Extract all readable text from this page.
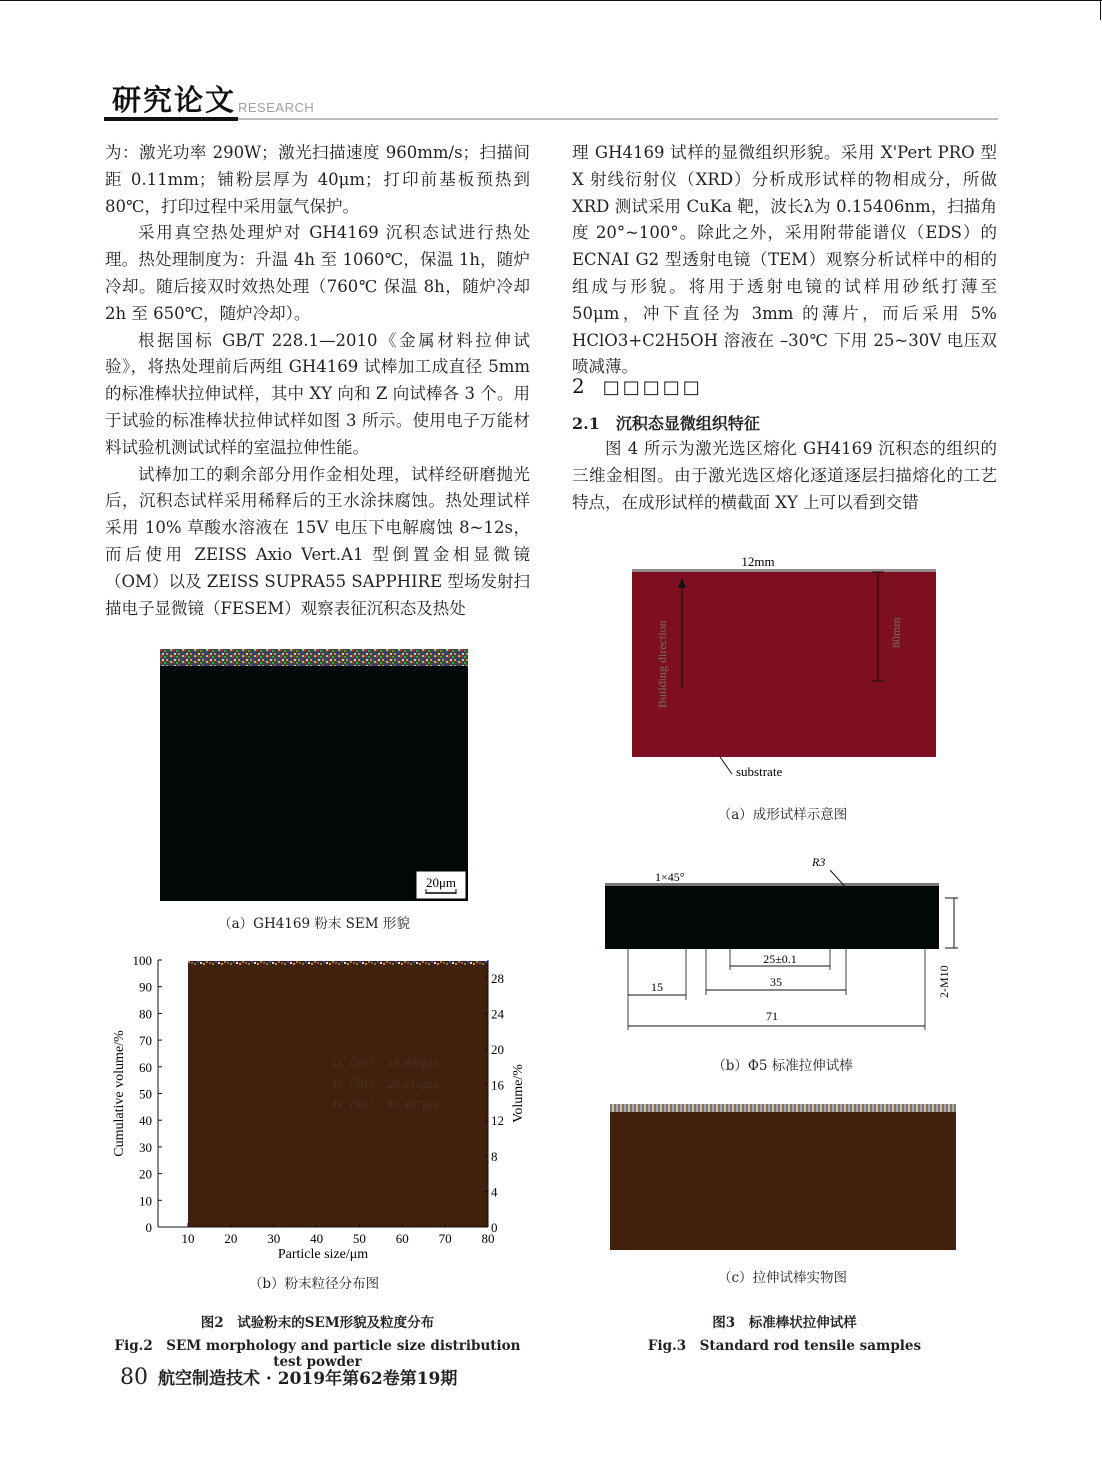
研究论文 RESEARCH

为：激光功率 290W；激光扫描速度 960mm/s；扫描间距 0.11mm；铺粉层厚为 40μm；打印前基板预热到 80℃，打印过程中采用氩气保护。

采用真空热处理炉对 GH4169 沉积态试进行热处理。热处理制度为：升温 4h 至 1060℃，保温 1h，随炉冷却。随后接双时效热处理（760℃ 保温 8h，随炉冷却 2h 至 650℃，随炉冷却）。

根据国标 GB/T 228.1—2010《金属材料拉伸试验》，将热处理前后两组 GH4169 试棒加工成直径 5mm 的标准棒状拉伸试样，其中 XY 向和 Z 向试棒各 3 个。用于试验的标准棒状拉伸试样如图 3 所示。使用电子万能材料试验机测试试样的室温拉伸性能。

试棒加工的剩余部分用作金相处理，试样经研磨抛光后，沉积态试样采用稀释后的王水涂抹腐蚀。热处理试样采用 10% 草酸水溶液在 15V 电压下电解腐蚀 8~12s，而后使用 ZEISS Axio Vert.A1 型倒置金相显微镜（OM）以及 ZEISS SUPRA55 SAPPHIRE 型场发射扫描电子显微镜（FESEM）观察表征沉积态及热处

理 GH4169 试样的显微组织形貌。采用 X'Pert PRO 型 X 射线衍射仪（XRD）分析成形试样的物相成分，所做 XRD 测试采用 CuKa 靶，波长λ为 0.15406nm，扫描角度 20°~100°。除此之外，采用附带能谱仪（EDS）的 ECNAI G2 型透射电镜（TEM）观察分析试样中的相的组成与形貌。将用于透射电镜的试样用砂纸打薄至 50μm，冲下直径为 3mm 的薄片，而后采用 5% HClO3+C2H5OH 溶液在 –30℃ 下用 25~30V 电压双喷减薄。

2 □□□□□
2.1　沉积态显微组织特征

图 4 所示为激光选区熔化 GH4169 沉积态的组织的三维金相图。由于激光选区熔化逐道逐层扫描熔化的工艺特点，在成形试样的横截面 XY 上可以看到交错

20μm
（a）GH4169 粉末 SEM 形貌
0
10
20
30
40
50
60
70
80
90
100
0
4
8
12
16
20
24
28
10 20 30 40 50 60 70 80
D（10）：18.806μm
D（50）：28.513μm
D（90）：43.407μm
Particle size/μm
Cumulative volume/%	Volume/%
（b）粉末粒径分布图
图2　试验粉末的SEM形貌及粒度分布
Fig.2　SEM morphology and particle size distribution test powder
12mm
Building direction	80mm
substrate
（a）成形试样示意图
1×45°
R3
2-M10
25±0.1
35
15
71
（b）Φ5 标准拉伸试棒
（c）拉伸试棒实物图
图3　标准棒状拉伸试样
Fig.3　Standard rod tensile samples
80 航空制造技术 · 2019年第62卷第19期
